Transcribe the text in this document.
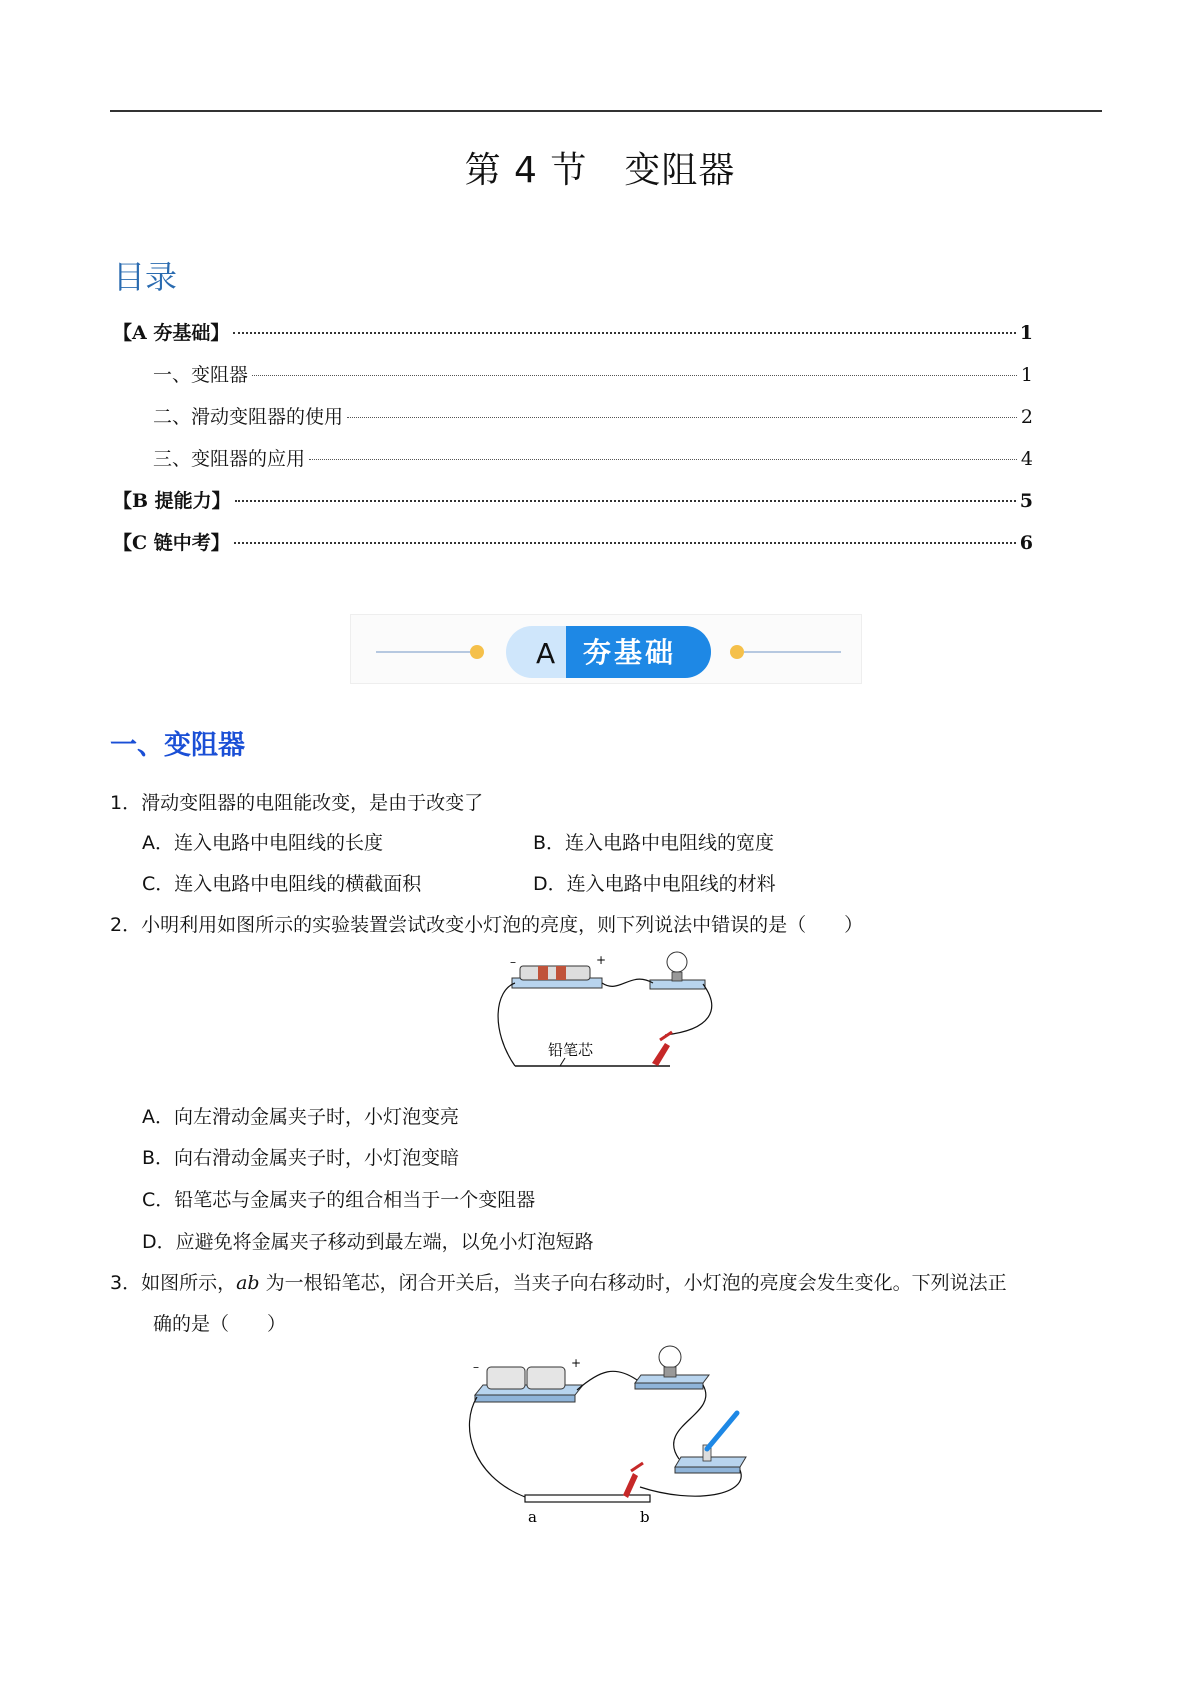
第 4 节　变阻器
目录
【A 夯基础】	1
一、变阻器	1
二、滑动变阻器的使用	2
三、变阻器的应用	4
【B 提能力】	5
【C 链中考】	6
A 夯基础
一、变阻器
1．滑动变阻器的电阻能改变，是由于改变了
A．连入电路中电阻线的长度	B．连入电路中电阻线的宽度
C．连入电路中电阻线的横截面积	D．连入电路中电阻线的材料
2．小明利用如图所示的实验装置尝试改变小灯泡的亮度，则下列说法中错误的是（　　）
–	+
铅笔芯
A．向左滑动金属夹子时，小灯泡变亮
B．向右滑动金属夹子时，小灯泡变暗
C．铅笔芯与金属夹子的组合相当于一个变阻器
D．应避免将金属夹子移动到最左端，以免小灯泡短路
3．如图所示，ab 为一根铅笔芯，闭合开关后，当夹子向右移动时，小灯泡的亮度会发生变化。下列说法正
确的是（　　）
–	+
a	b
